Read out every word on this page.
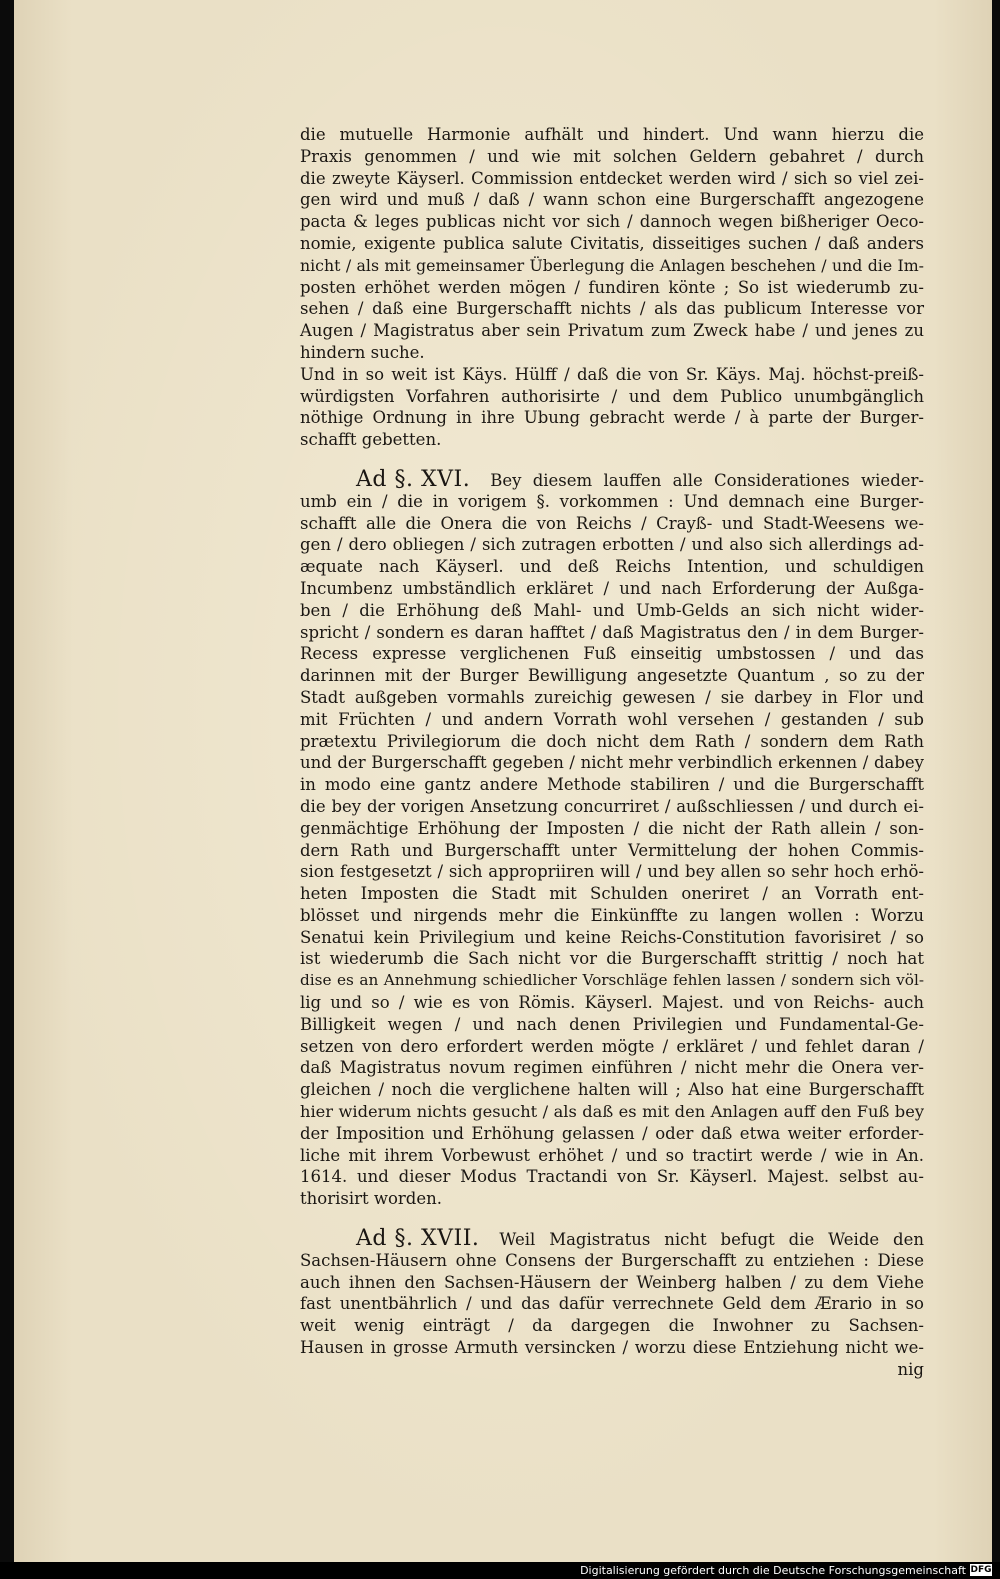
die mutuelle Harmonie aufhält und hindert. Und wann hierzu die
Praxis genommen / und wie mit solchen Geldern gebahret / durch
die zweyte Käyserl. Commission entdecket werden wird / sich so viel zei-
gen wird und muß / daß / wann schon eine Burgerschafft angezogene
pacta & leges publicas nicht vor sich / dannoch wegen bißheriger Oeco-
nomie, exigente publica salute Civitatis, disseitiges suchen / daß anders
nicht / als mit gemeinsamer Überlegung die Anlagen beschehen / und die Im-
posten erhöhet werden mögen / fundiren könte ; So ist wiederumb zu-
sehen / daß eine Burgerschafft nichts / als das publicum Interesse vor
Augen / Magistratus aber sein Privatum zum Zweck habe / und jenes zu
hindern suche.
Und in so weit ist Käys. Hülff / daß die von Sr. Käys. Maj. höchst-preiß-
würdigsten Vorfahren authorisirte / und dem Publico unumbgänglich
nöthige Ordnung in ihre Ubung gebracht werde / à parte der Burger-
schafft gebetten.
Ad §. XVI. Bey diesem lauffen alle Considerationes wieder-
umb ein / die in vorigem §. vorkommen : Und demnach eine Burger-
schafft alle die Onera die von Reichs / Crayß- und Stadt-Weesens we-
gen / dero obliegen / sich zutragen erbotten / und also sich allerdings ad-
æquate nach Käyserl. und deß Reichs Intention, und schuldigen
Incumbenz umbständlich erkläret / und nach Erforderung der Außga-
ben / die Erhöhung deß Mahl- und Umb-Gelds an sich nicht wider-
spricht / sondern es daran hafftet / daß Magistratus den / in dem Burger-
Recess expresse verglichenen Fuß einseitig umbstossen / und das
darinnen mit der Burger Bewilligung angesetzte Quantum , so zu der
Stadt außgeben vormahls zureichig gewesen / sie darbey in Flor und
mit Früchten / und andern Vorrath wohl versehen / gestanden / sub
prætextu Privilegiorum die doch nicht dem Rath / sondern dem Rath
und der Burgerschafft gegeben / nicht mehr verbindlich erkennen / dabey
in modo eine gantz andere Methode stabiliren / und die Burgerschafft
die bey der vorigen Ansetzung concurriret / außschliessen / und durch ei-
genmächtige Erhöhung der Imposten / die nicht der Rath allein / son-
dern Rath und Burgerschafft unter Vermittelung der hohen Commis-
sion festgesetzt / sich appropriiren will / und bey allen so sehr hoch erhö-
heten Imposten die Stadt mit Schulden oneriret / an Vorrath ent-
blösset und nirgends mehr die Einkünffte zu langen wollen : Worzu
Senatui kein Privilegium und keine Reichs-Constitution favorisiret / so
ist wiederumb die Sach nicht vor die Burgerschafft strittig / noch hat
dise es an Annehmung schiedlicher Vorschläge fehlen lassen / sondern sich völ-
lig und so / wie es von Römis. Käyserl. Majest. und von Reichs- auch
Billigkeit wegen / und nach denen Privilegien und Fundamental-Ge-
setzen von dero erfordert werden mögte / erkläret / und fehlet daran /
daß Magistratus novum regimen einführen / nicht mehr die Onera ver-
gleichen / noch die verglichene halten will ; Also hat eine Burgerschafft
hier widerum nichts gesucht / als daß es mit den Anlagen auff den Fuß bey
der Imposition und Erhöhung gelassen / oder daß etwa weiter erforder-
liche mit ihrem Vorbewust erhöhet / und so tractirt werde / wie in An.
1614. und dieser Modus Tractandi von Sr. Käyserl. Majest. selbst au-
thorisirt worden.
Ad §. XVII. Weil Magistratus nicht befugt die Weide den
Sachsen-Häusern ohne Consens der Burgerschafft zu entziehen : Diese
auch ihnen den Sachsen-Häusern der Weinberg halben / zu dem Viehe
fast unentbährlich / und das dafür verrechnete Geld dem Ærario in so
weit wenig einträgt / da dargegen die Inwohner zu Sachsen-
Hausen in grosse Armuth versincken / worzu diese Entziehung nicht we-
nig
Digitalisierung gefördert durch die Deutsche Forschungsgemeinschaft DFG
